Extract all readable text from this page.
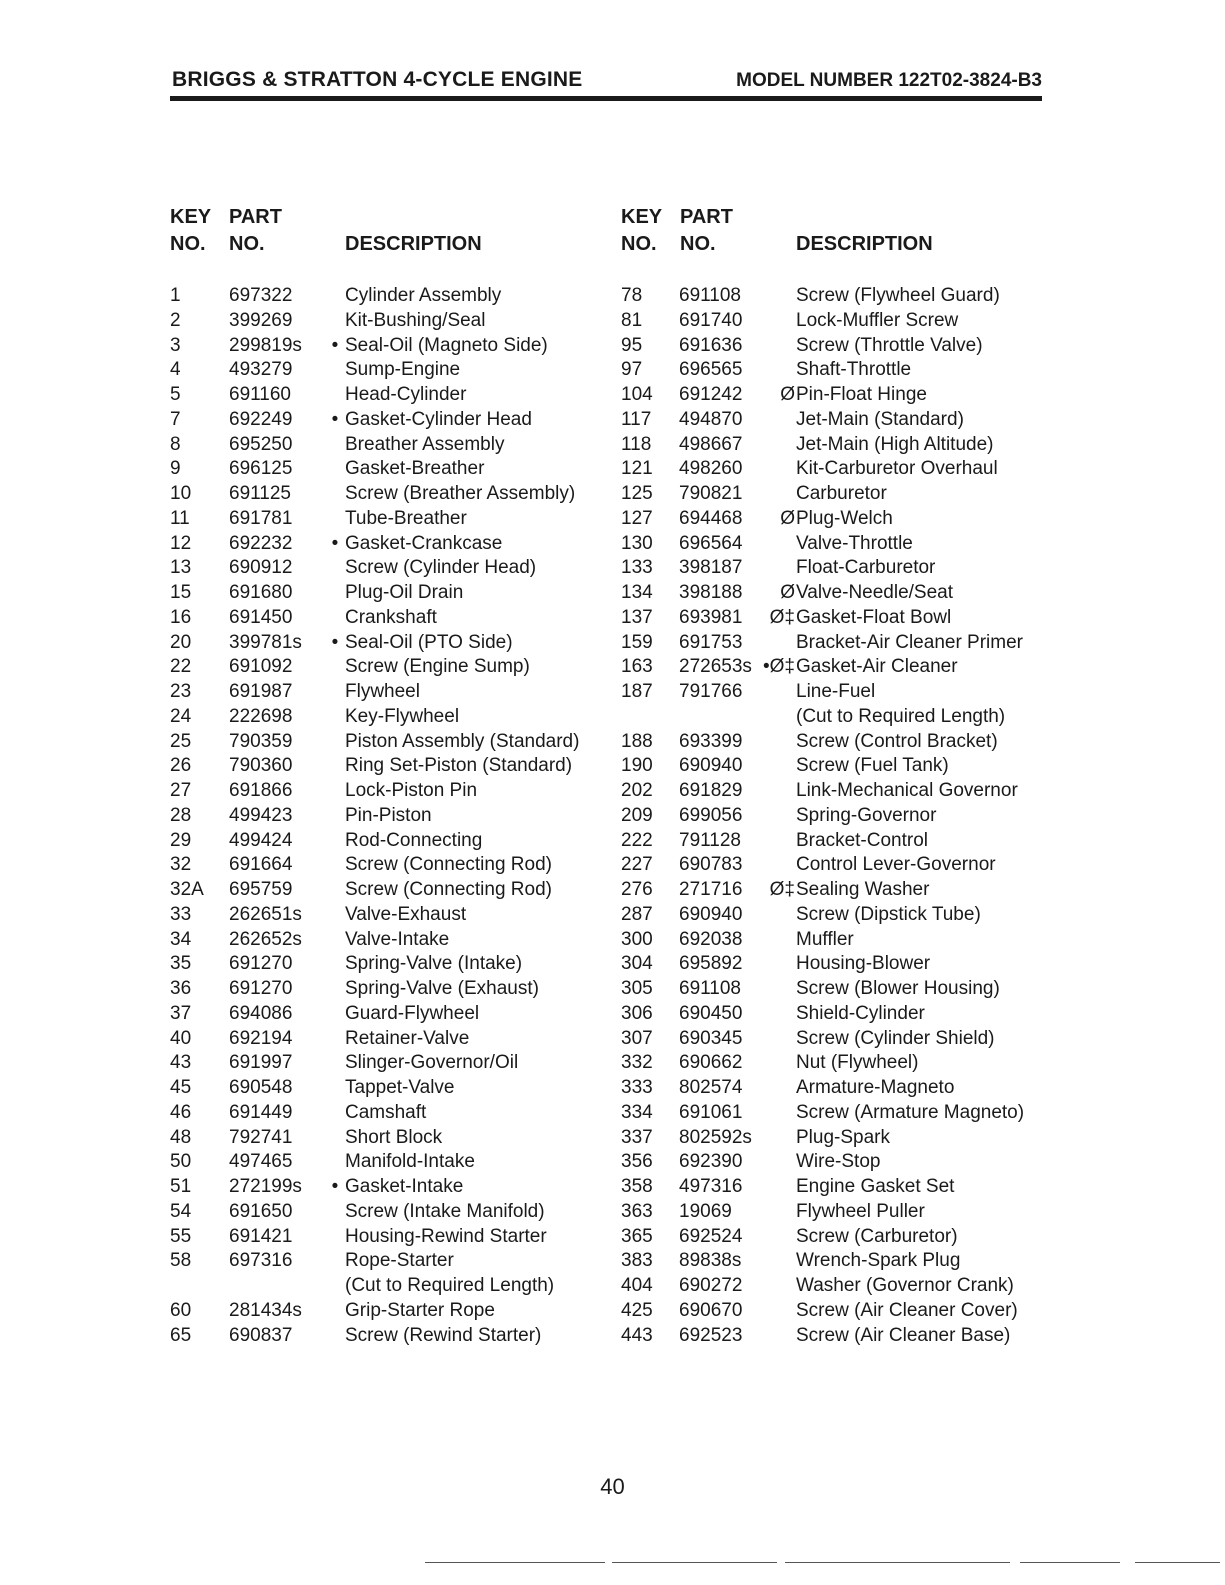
BRIGGS & STRATTON 4-CYCLE ENGINE	MODEL NUMBER 122T02-3824-B3
KEY PART
NO. NO.	DESCRIPTION
1	697322	Cylinder Assembly
2	399269	Kit-Bushing/Seal
3	299819s • Seal-Oil (Magneto Side)
4	493279	Sump-Engine
5	691160	Head-Cylinder
7	692249 • Gasket-Cylinder Head
8	695250	Breather Assembly
9	696125	Gasket-Breather
10 691125	Screw (Breather Assembly)
11 691781	Tube-Breather
12 692232 • Gasket-Crankcase
13 690912	Screw (Cylinder Head)
15 691680	Plug-Oil Drain
16 691450	Crankshaft
20 399781s • Seal-Oil (PTO Side)
22 691092	Screw (Engine Sump)
23 691987	Flywheel
24 222698	Key-Flywheel
25 790359	Piston Assembly (Standard)
26 790360	Ring Set-Piston (Standard)
27 691866	Lock-Piston Pin
28 499423	Pin-Piston
29 499424	Rod-Connecting
32 691664	Screw (Connecting Rod)
32A 695759	Screw (Connecting Rod)
33 262651s Valve-Exhaust
34 262652s Valve-Intake
35 691270	Spring-Valve (Intake)
36 691270	Spring-Valve (Exhaust)
37 694086	Guard-Flywheel
40 692194	Retainer-Valve
43 691997	Slinger-Governor/Oil
45 690548	Tappet-Valve
46 691449	Camshaft
48 792741	Short Block
50 497465	Manifold-Intake
51 272199s • Gasket-Intake
54 691650	Screw (Intake Manifold)
55 691421	Housing-Rewind Starter
58 697316	Rope-Starter
(Cut to Required Length)
60 281434s Grip-Starter Rope
65 690837	Screw (Rewind Starter)
KEY PART
NO. NO.	DESCRIPTION
78 691108	Screw (Flywheel Guard)
81 691740	Lock-Muffler Screw
95 691636	Screw (Throttle Valve)
97 696565	Shaft-Throttle
104 691242	Ø Pin-Float Hinge
117 494870	Jet-Main (Standard)
118 498667	Jet-Main (High Altitude)
121 498260	Kit-Carburetor Overhaul
125 790821	Carburetor
127 694468	Ø Plug-Welch
130 696564	Valve-Throttle
133 398187	Float-Carburetor
134 398188	Ø Valve-Needle/Seat
137 693981	Ø‡ Gasket-Float Bowl
159 691753	Bracket-Air Cleaner Primer
163 272653s •Ø‡ Gasket-Air Cleaner
187 791766	Line-Fuel
(Cut to Required Length)
188 693399	Screw (Control Bracket)
190 690940	Screw (Fuel Tank)
202 691829	Link-Mechanical Governor
209 699056	Spring-Governor
222 791128	Bracket-Control
227 690783	Control Lever-Governor
276 271716	Ø‡ Sealing Washer
287 690940	Screw (Dipstick Tube)
300 692038	Muffler
304 695892	Housing-Blower
305 691108	Screw (Blower Housing)
306 690450	Shield-Cylinder
307 690345	Screw (Cylinder Shield)
332 690662	Nut (Flywheel)
333 802574	Armature-Magneto
334 691061	Screw (Armature Magneto)
337 802592s Plug-Spark
356 692390	Wire-Stop
358 497316	Engine Gasket Set
363 19069	Flywheel Puller
365 692524	Screw (Carburetor)
383 89838s	Wrench-Spark Plug
404 690272	Washer (Governor Crank)
425 690670	Screw (Air Cleaner Cover)
443 692523	Screw (Air Cleaner Base)
40
